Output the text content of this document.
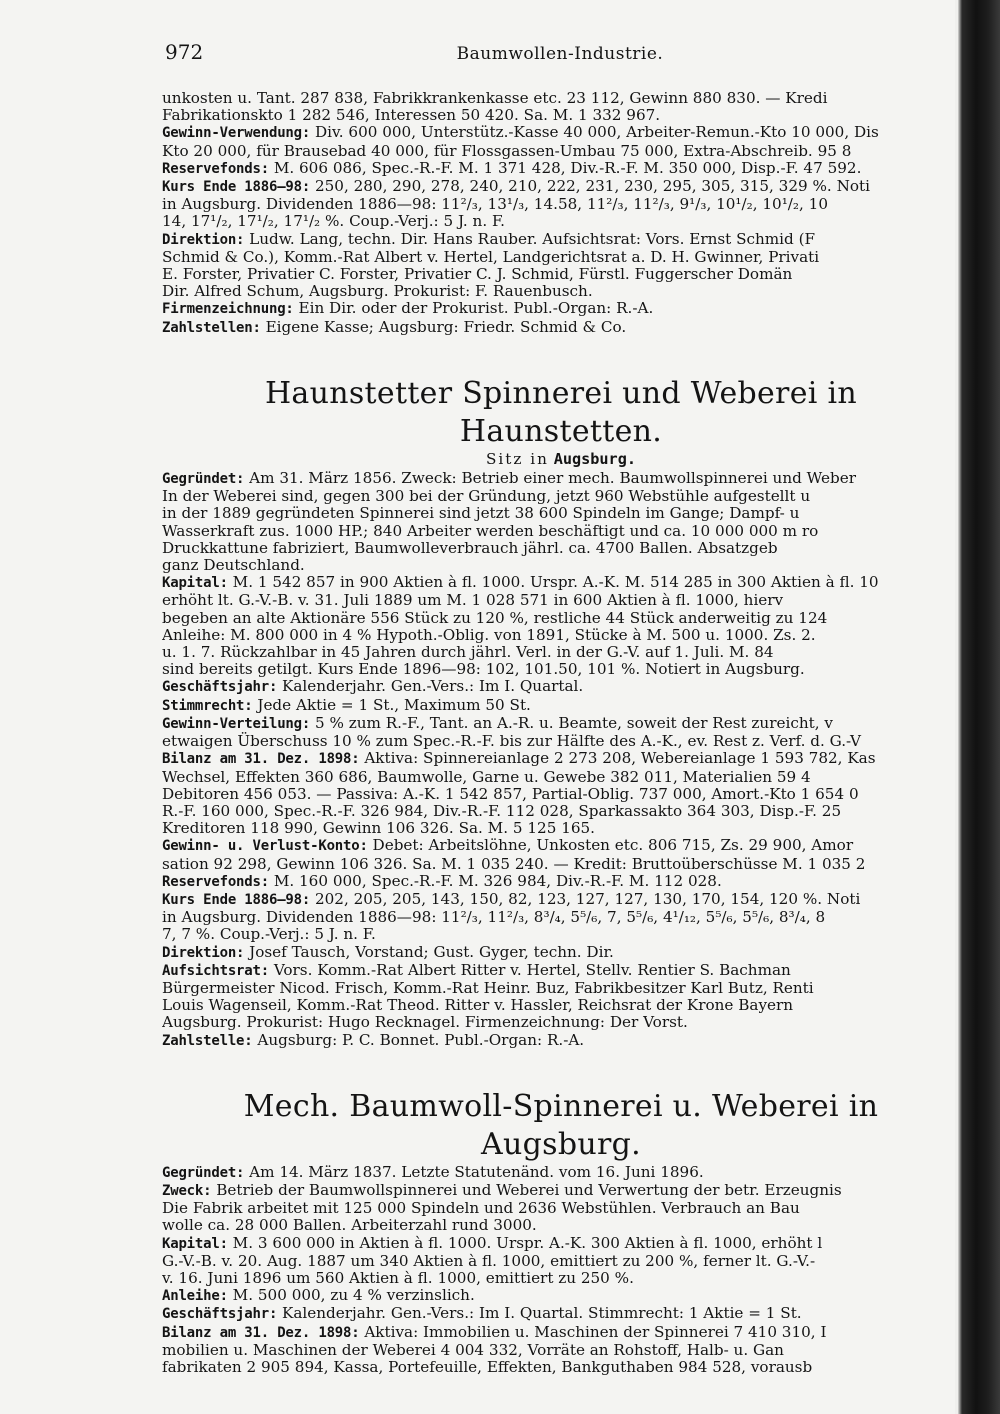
972	Baumwollen-Industrie.
unkosten u. Tant. 287 838, Fabrikkrankenkasse etc. 23 112, Gewinn 880 830. — Kredi
Fabrikationskto 1 282 546, Interessen 50 420. Sa. M. 1 332 967.
Gewinn-Verwendung: Div. 600 000, Unterstütz.-Kasse 40 000, Arbeiter-Remun.-Kto 10 000, Dis
Kto 20 000, für Brausebad 40 000, für Flossgassen-Umbau 75 000, Extra-Abschreib. 95 8
Reservefonds: M. 606 086, Spec.-R.-F. M. 1 371 428, Div.-R.-F. M. 350 000, Disp.-F. 47 592.
Kurs Ende 1886—98: 250, 280, 290, 278, 240, 210, 222, 231, 230, 295, 305, 315, 329 %. Noti
in Augsburg. Dividenden 1886—98: 11²/₃, 13¹/₃, 14.58, 11²/₃, 11²/₃, 9¹/₃, 10¹/₂, 10¹/₂, 10
14, 17¹/₂, 17¹/₂, 17¹/₂ %. Coup.-Verj.: 5 J. n. F.
Direktion: Ludw. Lang, techn. Dir. Hans Rauber. Aufsichtsrat: Vors. Ernst Schmid (F
Schmid & Co.), Komm.-Rat Albert v. Hertel, Landgerichtsrat a. D. H. Gwinner, Privati
E. Forster, Privatier C. Forster, Privatier C. J. Schmid, Fürstl. Fuggerscher Domän
Dir. Alfred Schum, Augsburg. Prokurist: F. Rauenbusch.
Firmenzeichnung: Ein Dir. oder der Prokurist. Publ.-Organ: R.-A.
Zahlstellen: Eigene Kasse; Augsburg: Friedr. Schmid & Co.
Haunstetter Spinnerei und Weberei in Haunstetten.
Sitz in Augsburg.
Gegründet: Am 31. März 1856. Zweck: Betrieb einer mech. Baumwollspinnerei und Weber
In der Weberei sind, gegen 300 bei der Gründung, jetzt 960 Webstühle aufgestellt u
in der 1889 gegründeten Spinnerei sind jetzt 38 600 Spindeln im Gange; Dampf- u
Wasserkraft zus. 1000 HP.; 840 Arbeiter werden beschäftigt und ca. 10 000 000 m ro
Druckkattune fabriziert, Baumwolleverbrauch jährl. ca. 4700 Ballen. Absatzgeb
ganz Deutschland.
Kapital: M. 1 542 857 in 900 Aktien à fl. 1000. Urspr. A.-K. M. 514 285 in 300 Aktien à fl. 10
erhöht lt. G.-V.-B. v. 31. Juli 1889 um M. 1 028 571 in 600 Aktien à fl. 1000, hierv
begeben an alte Aktionäre 556 Stück zu 120 %, restliche 44 Stück anderweitig zu 124
Anleihe: M. 800 000 in 4 % Hypoth.-Oblig. von 1891, Stücke à M. 500 u. 1000. Zs. 2.
u. 1. 7. Rückzahlbar in 45 Jahren durch jährl. Verl. in der G.-V. auf 1. Juli. M. 84
sind bereits getilgt. Kurs Ende 1896—98: 102, 101.50, 101 %. Notiert in Augsburg.
Geschäftsjahr: Kalenderjahr. Gen.-Vers.: Im I. Quartal.
Stimmrecht: Jede Aktie = 1 St., Maximum 50 St.
Gewinn-Verteilung: 5 % zum R.-F., Tant. an A.-R. u. Beamte, soweit der Rest zureicht, v
etwaigen Überschuss 10 % zum Spec.-R.-F. bis zur Hälfte des A.-K., ev. Rest z. Verf. d. G.-V
Bilanz am 31. Dez. 1898: Aktiva: Spinnereianlage 2 273 208, Webereianlage 1 593 782, Kas
Wechsel, Effekten 360 686, Baumwolle, Garne u. Gewebe 382 011, Materialien 59 4
Debitoren 456 053. — Passiva: A.-K. 1 542 857, Partial-Oblig. 737 000, Amort.-Kto 1 654 0
R.-F. 160 000, Spec.-R.-F. 326 984, Div.-R.-F. 112 028, Sparkassakto 364 303, Disp.-F. 25
Kreditoren 118 990, Gewinn 106 326. Sa. M. 5 125 165.
Gewinn- u. Verlust-Konto: Debet: Arbeitslöhne, Unkosten etc. 806 715, Zs. 29 900, Amor
sation 92 298, Gewinn 106 326. Sa. M. 1 035 240. — Kredit: Bruttoüberschüsse M. 1 035 2
Reservefonds: M. 160 000, Spec.-R.-F. M. 326 984, Div.-R.-F. M. 112 028.
Kurs Ende 1886—98: 202, 205, 205, 143, 150, 82, 123, 127, 127, 130, 170, 154, 120 %. Noti
in Augsburg. Dividenden 1886—98: 11²/₃, 11²/₃, 8³/₄, 5⁵/₆, 7, 5⁵/₆, 4¹/₁₂, 5⁵/₆, 5⁵/₆, 8³/₄, 8
7, 7 %. Coup.-Verj.: 5 J. n. F.
Direktion: Josef Tausch, Vorstand; Gust. Gyger, techn. Dir.
Aufsichtsrat: Vors. Komm.-Rat Albert Ritter v. Hertel, Stellv. Rentier S. Bachman
Bürgermeister Nicod. Frisch, Komm.-Rat Heinr. Buz, Fabrikbesitzer Karl Butz, Renti
Louis Wagenseil, Komm.-Rat Theod. Ritter v. Hassler, Reichsrat der Krone Bayern
Augsburg. Prokurist: Hugo Recknagel. Firmenzeichnung: Der Vorst.
Zahlstelle: Augsburg: P. C. Bonnet. Publ.-Organ: R.-A.
Mech. Baumwoll-Spinnerei u. Weberei in Augsburg.
Gegründet: Am 14. März 1837. Letzte Statutenänd. vom 16. Juni 1896.
Zweck: Betrieb der Baumwollspinnerei und Weberei und Verwertung der betr. Erzeugnis
Die Fabrik arbeitet mit 125 000 Spindeln und 2636 Webstühlen. Verbrauch an Bau
wolle ca. 28 000 Ballen. Arbeiterzahl rund 3000.
Kapital: M. 3 600 000 in Aktien à fl. 1000. Urspr. A.-K. 300 Aktien à fl. 1000, erhöht l
G.-V.-B. v. 20. Aug. 1887 um 340 Aktien à fl. 1000, emittiert zu 200 %, ferner lt. G.-V.-
v. 16. Juni 1896 um 560 Aktien à fl. 1000, emittiert zu 250 %.
Anleihe: M. 500 000, zu 4 % verzinslich.
Geschäftsjahr: Kalenderjahr. Gen.-Vers.: Im I. Quartal. Stimmrecht: 1 Aktie = 1 St.
Bilanz am 31. Dez. 1898: Aktiva: Immobilien u. Maschinen der Spinnerei 7 410 310, I
mobilien u. Maschinen der Weberei 4 004 332, Vorräte an Rohstoff, Halb- u. Gan
fabrikaten 2 905 894, Kassa, Portefeuille, Effekten, Bankguthaben 984 528, vorausb
